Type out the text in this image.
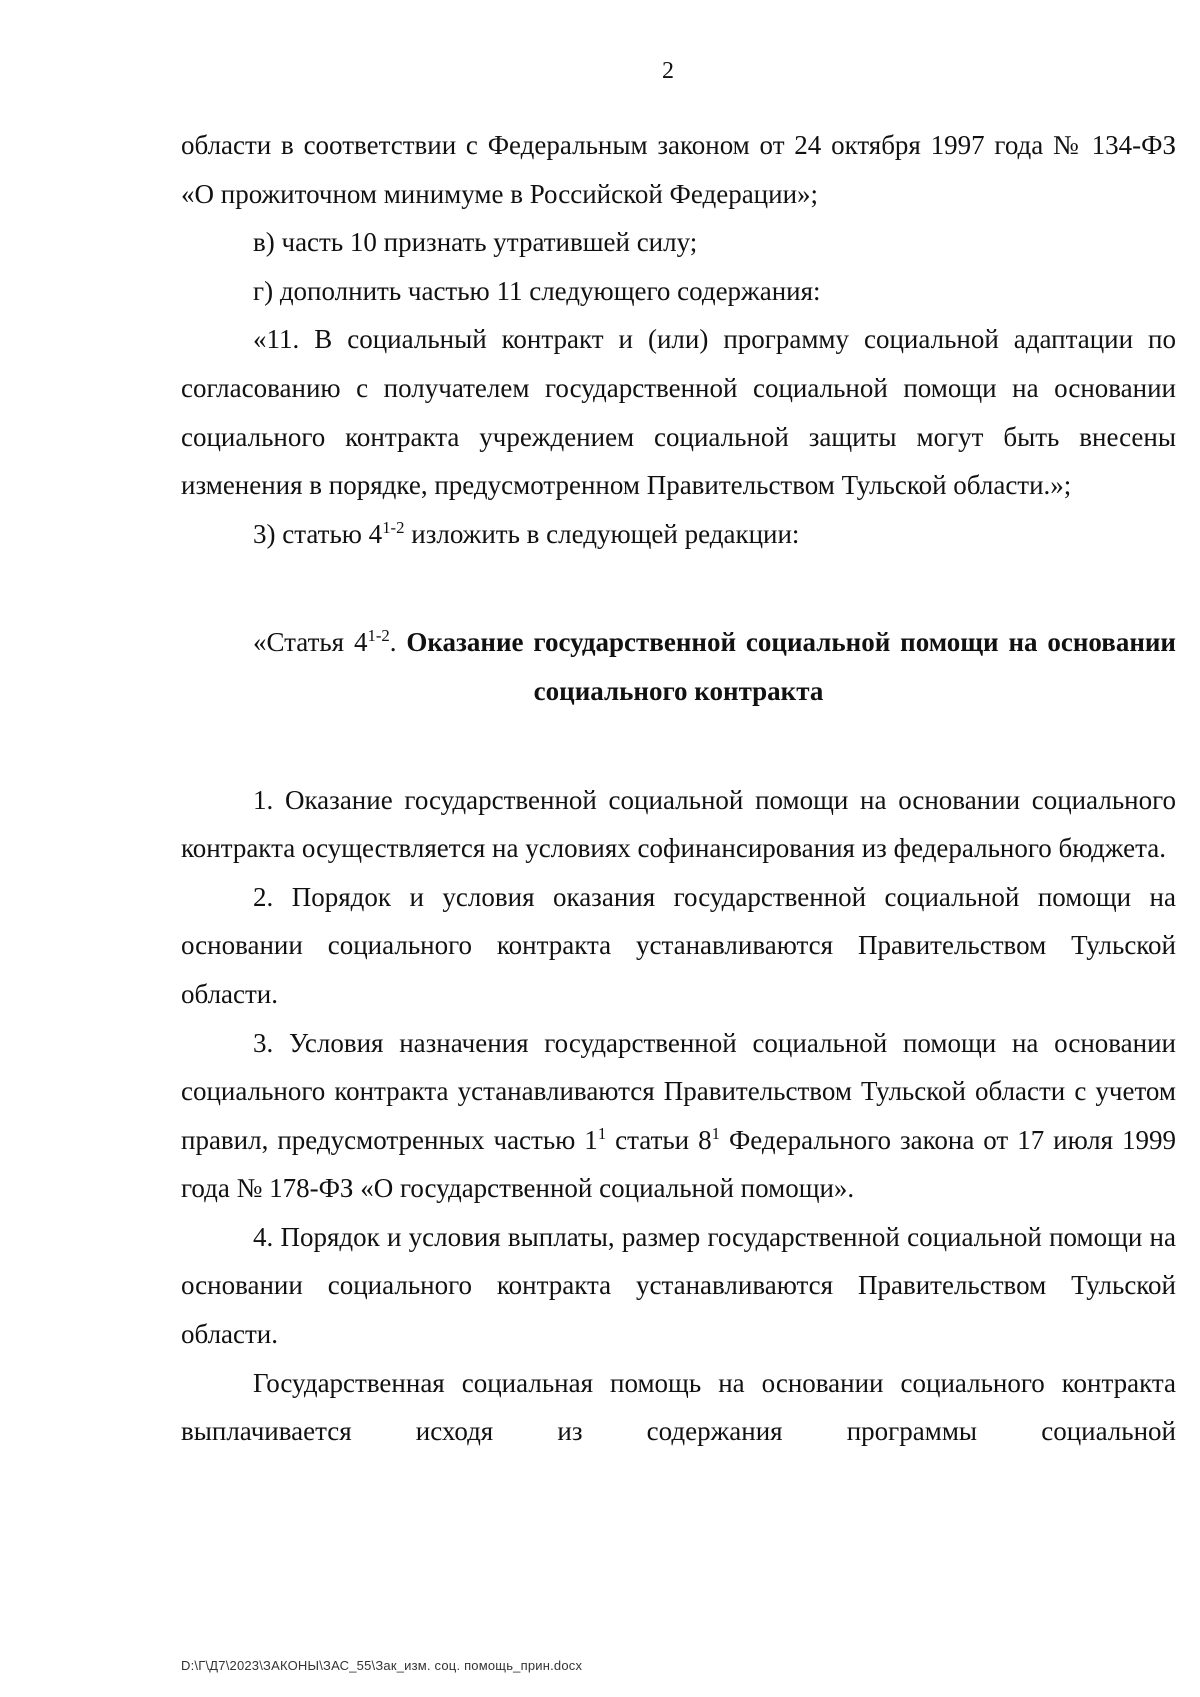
2

области в соответствии с Федеральным законом от 24 октября 1997 года № 134-ФЗ «О прожиточном минимуме в Российской Федерации»;

в) часть 10 признать утратившей силу;

г) дополнить частью 11 следующего содержания:

«11. В социальный контракт и (или) программу социальной адаптации по согласованию с получателем государственной социальной помощи на основании социального контракта учреждением социальной защиты могут быть внесены изменения в порядке, предусмотренном Правительством Тульской области.»;

3) статью 4$^{1-2}$ изложить в следующей редакции:

«Статья 4$^{1-2}$. Оказание государственной социальной помощи на основании социального контракта

1. Оказание государственной социальной помощи на основании социального контракта осуществляется на условиях софинансирования из федерального бюджета.

2. Порядок и условия оказания государственной социальной помощи на основании социального контракта устанавливаются Правительством Тульской области.

3. Условия назначения государственной социальной помощи на основании социального контракта устанавливаются Правительством Тульской области с учетом правил, предусмотренных частью $1^1$ статьи $8^1$ Федерального закона от 17 июля 1999 года № 178-ФЗ «О государственной социальной помощи».

4. Порядок и условия выплаты, размер государственной социальной помощи на основании социального контракта устанавливаются Правительством Тульской области.

Государственная социальная помощь на основании социального контракта выплачивается исходя из содержания программы социальной

D:\Г\Д7\2023\ЗАКОНЫ\ЗАС_55\Зак_изм. соц. помощь_прин.docx
